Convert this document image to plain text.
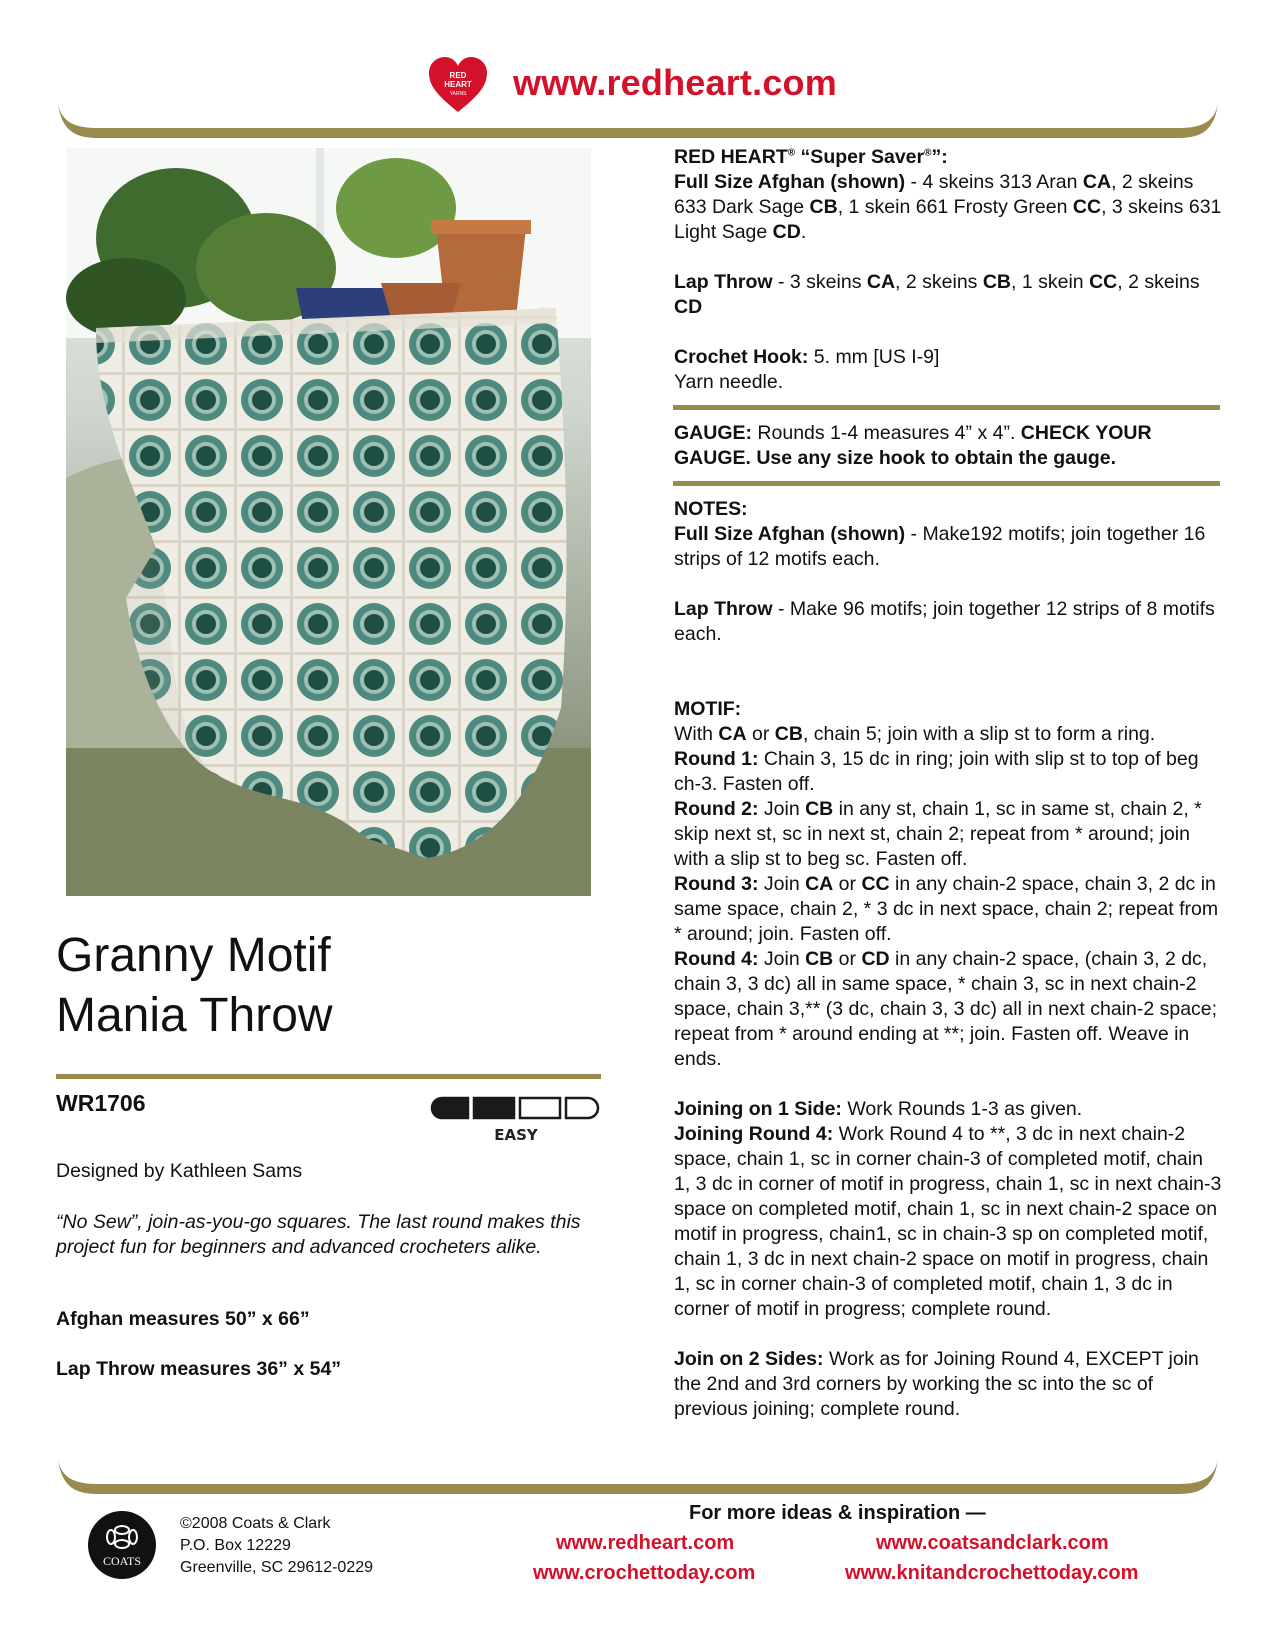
RED
HEART
YARNS www.redheart.com
Granny Motif
Mania Throw
WR1706
EASY
Designed by Kathleen Sams
“No Sew”, join-as-you-go squares. The last round makes this project fun for beginners and advanced crocheters alike.
Afghan measures 50” x 66”
Lap Throw measures 36” x 54”

RED HEART® “Super Saver®”:

Full Size Afghan (shown) - 4 skeins 313 Aran CA, 2 skeins 633 Dark Sage CB, 1 skein 661 Frosty Green CC, 3 skeins 631 Light Sage CD.

Lap Throw - 3 skeins CA, 2 skeins CB, 1 skein CC, 2 skeins CD

Crochet Hook: 5. mm [US I-9]

Yarn needle.

GAUGE: Rounds 1-4 measures 4” x 4”. CHECK YOUR GAUGE. Use any size hook to obtain the gauge.

NOTES:

Full Size Afghan (shown) - Make192 motifs; join together 16 strips of 12 motifs each.

Lap Throw - Make 96 motifs; join together 12 strips of 8 motifs each.

MOTIF:

With CA or CB, chain 5; join with a slip st to form a ring.

Round 1: Chain 3, 15 dc in ring; join with slip st to top of beg ch-3. Fasten off.

Round 2: Join CB in any st, chain 1, sc in same st, chain 2, * skip next st, sc in next st, chain 2; repeat from * around; join with a slip st to beg sc. Fasten off.

Round 3: Join CA or CC in any chain-2 space, chain 3, 2 dc in same space, chain 2, * 3 dc in next space, chain 2; repeat from * around; join. Fasten off.

Round 4: Join CB or CD in any chain-2 space, (chain 3, 2 dc, chain 3, 3 dc) all in same space, * chain 3, sc in next chain-2 space, chain 3,** (3 dc, chain 3, 3 dc) all in next chain-2 space; repeat from * around ending at **; join. Fasten off. Weave in ends.

Joining on 1 Side: Work Rounds 1-3 as given.

Joining Round 4: Work Round 4 to **, 3 dc in next chain-2 space, chain 1, sc in corner chain-3 of completed motif, chain 1, 3 dc in corner of motif in progress, chain 1, sc in next chain-3 space on completed motif, chain 1, sc in next chain-2 space on motif in progress, chain1, sc in chain-3 sp on completed motif, chain 1, 3 dc in next chain-2 space on motif in progress, chain 1, sc in corner chain-3 of completed motif, chain 1, 3 dc in corner of motif in progress; complete round.

Join on 2 Sides: Work as for Joining Round 4, EXCEPT join the 2nd and 3rd corners by working the sc into the sc of previous joining; complete round.

COATS
©2008 Coats & Clark
P.O. Box 12229
Greenville, SC 29612-0229
For more ideas & inspiration —
www.redheart.com	www.coatsandclark.com
www.crochettoday.com	www.knitandcrochettoday.com
